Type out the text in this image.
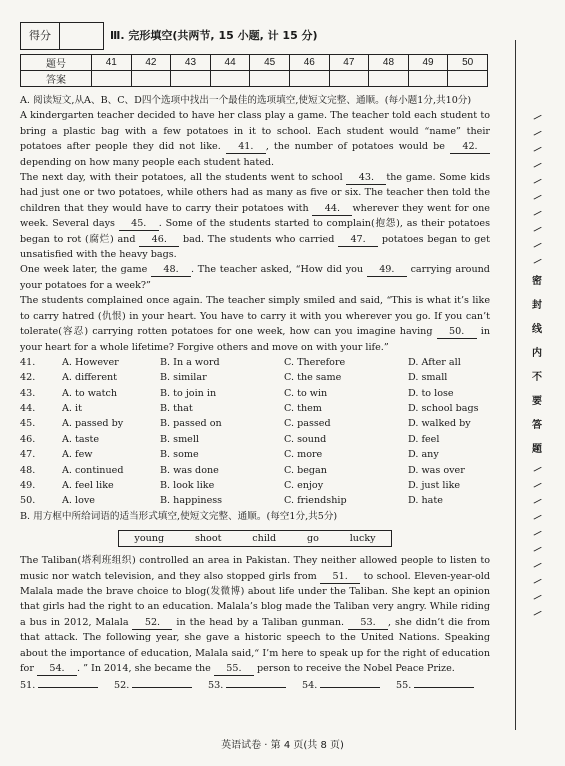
得分	Ⅲ. 完形填空(共两节, 15 小题, 计 15 分)
题号	41	42	43	44	45	46	47	48	49	50
答案										

A. 阅读短文,从A、B、C、D四个选项中找出一个最佳的选项填空,使短文完整、通顺。(每小题1分,共10分)

A kindergarten teacher decided to have her class play a game. The teacher told each student to bring a plastic bag with a few potatoes in it to school. Each student would “name” their potatoes after people they did not like. 41. , the number of potatoes would be 42. depending on how many people each student hated.

The next day, with their potatoes, all the students went to school 43. the game. Some kids had just one or two potatoes, while others had as many as five or six. The teacher then told the children that they would have to carry their potatoes with 44. wherever they went for one week. Several days 45. . Some of the students started to complain(抱怨), as their potatoes began to rot (腐烂) and 46. bad. The students who carried 47. potatoes began to get unsatisfied with the heavy bags.

One week later, the game 48. . The teacher asked, “How did you 49. carrying around your potatoes for a week?”

The students complained once again. The teacher simply smiled and said, “This is what it’s like to carry hatred (仇恨) in your heart. You have to carry it with you wherever you go. If you can’t tolerate(容忍) carrying rotten potatoes for one week, how can you imagine having 50. in your heart for a whole lifetime? Forgive others and move on with your life.”

41.	A. However	B. In a word	C. Therefore	D. After all
42.	A. different	B. similar	C. the same	D. small
43.	A. to watch	B. to join in	C. to win	D. to lose
44.	A. it	B. that	C. them	D. school bags
45.	A. passed by	B. passed on	C. passed	D. walked by
46.	A. taste	B. smell	C. sound	D. feel
47.	A. few	B. some	C. more	D. any
48.	A. continued	B. was done	C. began	D. was over
49.	A. feel like	B. look like	C. enjoy	D. just like
50.	A. love	B. happiness	C. friendship	D. hate

B. 用方框中所给词语的适当形式填空,使短文完整、通顺。(每空1分,共5分)

young	shoot	child	go	lucky

The Taliban(塔利班组织) controlled an area in Pakistan. They neither allowed people to listen to music nor watch television, and they also stopped girls from 51. to school. Eleven-year-old Malala made the brave choice to blog(发微博) about life under the Taliban. She kept an opinion that girls had the right to an education. Malala’s blog made the Taliban very angry. While riding a bus in 2012, Malala 52. in the head by a Taliban gunman. 53. , she didn’t die from that attack. The following year, she gave a historic speech to the United Nations. Speaking about the importance of education, Malala said,“ I’m here to speak up for the right of education for 54. . ” In 2014, she became the 55. person to receive the Nobel Peace Prize.

51.	52.	53.	54.	55.
英语试卷 · 第 4 页(共 8 页)
/
/
/
/
/
/
/
/
/
/
密
封
线
内
不
要
答
题
/
/
/
/
/
/
/
/
/
/
